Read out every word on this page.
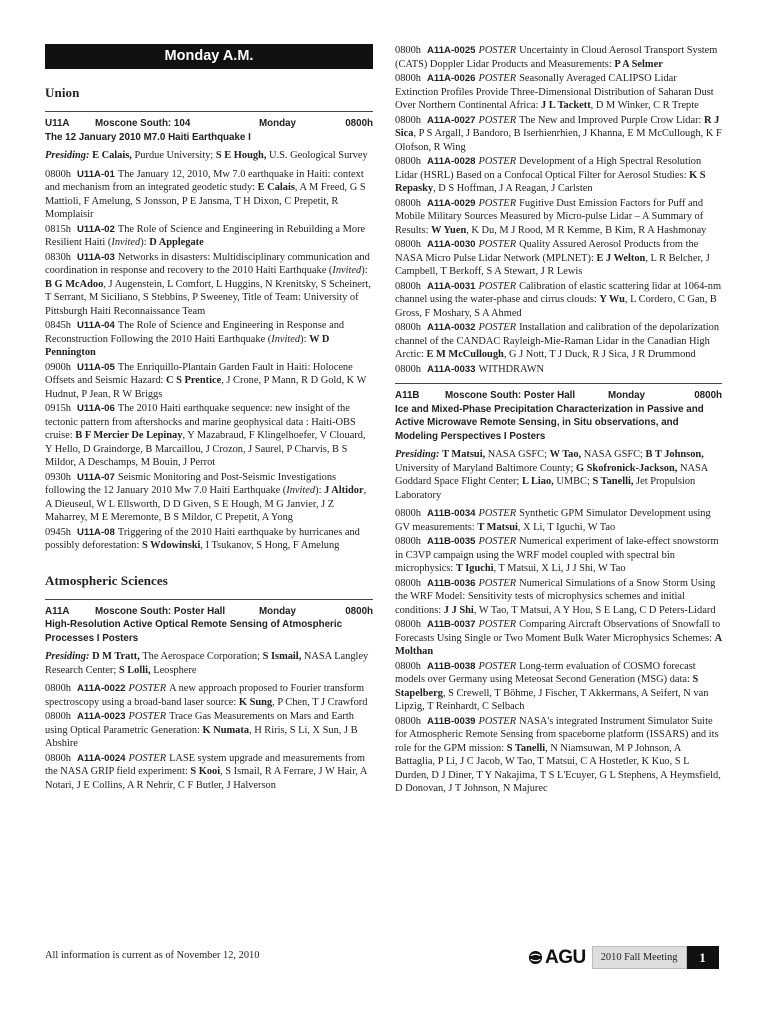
Monday A.M.
Union
U11A	Moscone South: 104	Monday	0800h
The 12 January 2010 M7.0 Haiti Earthquake I
Presiding: E Calais, Purdue University; S E Hough, U.S. Geological Survey
0800h U11A-01 The January 12, 2010, Mw 7.0 earthquake in Haiti: context and mechanism from an integrated geodetic study: E Calais, A M Freed, G S Mattioli, F Amelung, S Jonsson, P E Jansma, T H Dixon, C Prepetit, R Momplaisir
0815h U11A-02 The Role of Science and Engineering in Rebuilding a More Resilient Haiti (Invited): D Applegate
0830h U11A-03 Networks in disasters: Multidisciplinary communication and coordination in response and recovery to the 2010 Haiti Earthquake (Invited): B G McAdoo, J Augenstein, L Comfort, L Huggins, N Krenitsky, S Scheinert, T Serrant, M Siciliano, S Stebbins, P Sweeney, Title of Team: University of Pittsburgh Haiti Reconnaissance Team
0845h U11A-04 The Role of Science and Engineering in Response and Reconstruction Following the 2010 Haiti Earthquake (Invited): W D Pennington
0900h U11A-05 The Enriquillo-Plantain Garden Fault in Haiti: Holocene Offsets and Seismic Hazard: C S Prentice, J Crone, P Mann, R D Gold, K W Hudnut, P Jean, R W Briggs
0915h U11A-06 The 2010 Haiti earthquake sequence: new insight of the tectonic pattern from aftershocks and marine geophysical data : Haiti-OBS cruise: B F Mercier De Lepinay, Y Mazabraud, F Klingelhoefer, V Clouard, Y Hello, D Graindorge, B Marcaillou, J Crozon, J Saurel, P Charvis, B S Mildor, A Deschamps, M Bouin, J Perrot
0930h U11A-07 Seismic Monitoring and Post-Seismic Investigations following the 12 January 2010 Mw 7.0 Haiti Earthquake (Invited): J Altidor, A Dieuseul, W L Ellsworth, D D Given, S E Hough, M G Janvier, J Z Maharrey, M E Meremonte, B S Mildor, C Prepetit, A Yong
0945h U11A-08 Triggering of the 2010 Haiti earthquake by hurricanes and possibly deforestation: S Wdowinski, I Tsukanov, S Hong, F Amelung
Atmospheric Sciences
A11A	Moscone South: Poster Hall	Monday	0800h
High-Resolution Active Optical Remote Sensing of Atmospheric Processes I Posters
Presiding: D M Tratt, The Aerospace Corporation; S Ismail, NASA Langley Research Center; S Lolli, Leosphere
0800h A11A-0022 POSTER A new approach proposed to Fourier transform spectroscopy using a broad-band laser source: K Sung, P Chen, T J Crawford
0800h A11A-0023 POSTER Trace Gas Measurements on Mars and Earth using Optical Parametric Generation: K Numata, H Riris, S Li, X Sun, J B Abshire
0800h A11A-0024 POSTER LASE system upgrade and measurements from the NASA GRIP field experiment: S Kooi, S Ismail, R A Ferrare, J W Hair, A Notari, J E Collins, A R Nehrir, C F Butler, J Halverson
0800h A11A-0025 POSTER Uncertainty in Cloud Aerosol Transport System (CATS) Doppler Lidar Products and Measurements: P A Selmer
0800h A11A-0026 POSTER Seasonally Averaged CALIPSO Lidar Extinction Profiles Provide Three-Dimensional Distribution of Saharan Dust Over Northern Continental Africa: J L Tackett, D M Winker, C R Trepte
0800h A11A-0027 POSTER The New and Improved Purple Crow Lidar: R J Sica, P S Argall, J Bandoro, B Iserhienrhien, J Khanna, E M McCullough, K F Olofson, R Wing
0800h A11A-0028 POSTER Development of a High Spectral Resolution Lidar (HSRL) Based on a Confocal Optical Filter for Aerosol Studies: K S Repasky, D S Hoffman, J A Reagan, J Carlsten
0800h A11A-0029 POSTER Fugitive Dust Emission Factors for Puff and Mobile Military Sources Measured by Micro-pulse Lidar – A Summary of Results: W Yuen, K Du, M J Rood, M R Kemme, B Kim, R A Hashmonay
0800h A11A-0030 POSTER Quality Assured Aerosol Products from the NASA Micro Pulse Lidar Network (MPLNET): E J Welton, L R Belcher, J Campbell, T Berkoff, S A Stewart, J R Lewis
0800h A11A-0031 POSTER Calibration of elastic scattering lidar at 1064-nm channel using the water-phase and cirrus clouds: Y Wu, L Cordero, C Gan, B Gross, F Moshary, S A Ahmed
0800h A11A-0032 POSTER Installation and calibration of the depolarization channel of the CANDAC Rayleigh-Mie-Raman Lidar in the Canadian High Arctic: E M McCullough, G J Nott, T J Duck, R J Sica, J R Drummond
0800h A11A-0033 WITHDRAWN
A11B	Moscone South: Poster Hall	Monday	0800h
Ice and Mixed-Phase Precipitation Characterization in Passive and Active Microwave Remote Sensing, in Situ observations, and Modeling Perspectives I Posters
Presiding: T Matsui, NASA GSFC; W Tao, NASA GSFC; B T Johnson, University of Maryland Baltimore County; G Skofronick-Jackson, NASA Goddard Space Flight Center; L Liao, UMBC; S Tanelli, Jet Propulsion Laboratory
0800h A11B-0034 POSTER Synthetic GPM Simulator Development using GV measurements: T Matsui, X Li, T Iguchi, W Tao
0800h A11B-0035 POSTER Numerical experiment of lake-effect snowstorm in C3VP campaign using the WRF model coupled with spectral bin microphysics: T Iguchi, T Matsui, X Li, J J Shi, W Tao
0800h A11B-0036 POSTER Numerical Simulations of a Snow Storm Using the WRF Model: Sensitivity tests of microphysics schemes and initial conditions: J J Shi, W Tao, T Matsui, A Y Hou, S E Lang, C D Peters-Lidard
0800h A11B-0037 POSTER Comparing Aircraft Observations of Snowfall to Forecasts Using Single or Two Moment Bulk Water Microphysics Schemes: A Molthan
0800h A11B-0038 POSTER Long-term evaluation of COSMO forecast models over Germany using Meteosat Second Generation (MSG) data: S Stapelberg, S Crewell, T Böhme, J Fischer, T Akkermans, A Seifert, N van Lipzig, T Reinhardt, C Selbach
0800h A11B-0039 POSTER NASA's integrated Instrument Simulator Suite for Atmospheric Remote Sensing from spaceborne platform (ISSARS) and its role for the GPM mission: S Tanelli, N Niamsuwan, M P Johnson, A Battaglia, P Li, J C Jacob, W Tao, T Matsui, C A Hostetler, K Kuo, S L Durden, D J Diner, T Y Nakajima, T S L'Ecuyer, G L Stephens, A Heymsfield, D Donovan, J T Johnson, N Majurec
All information is current as of November 12, 2010	AGU	2010 Fall Meeting	1
